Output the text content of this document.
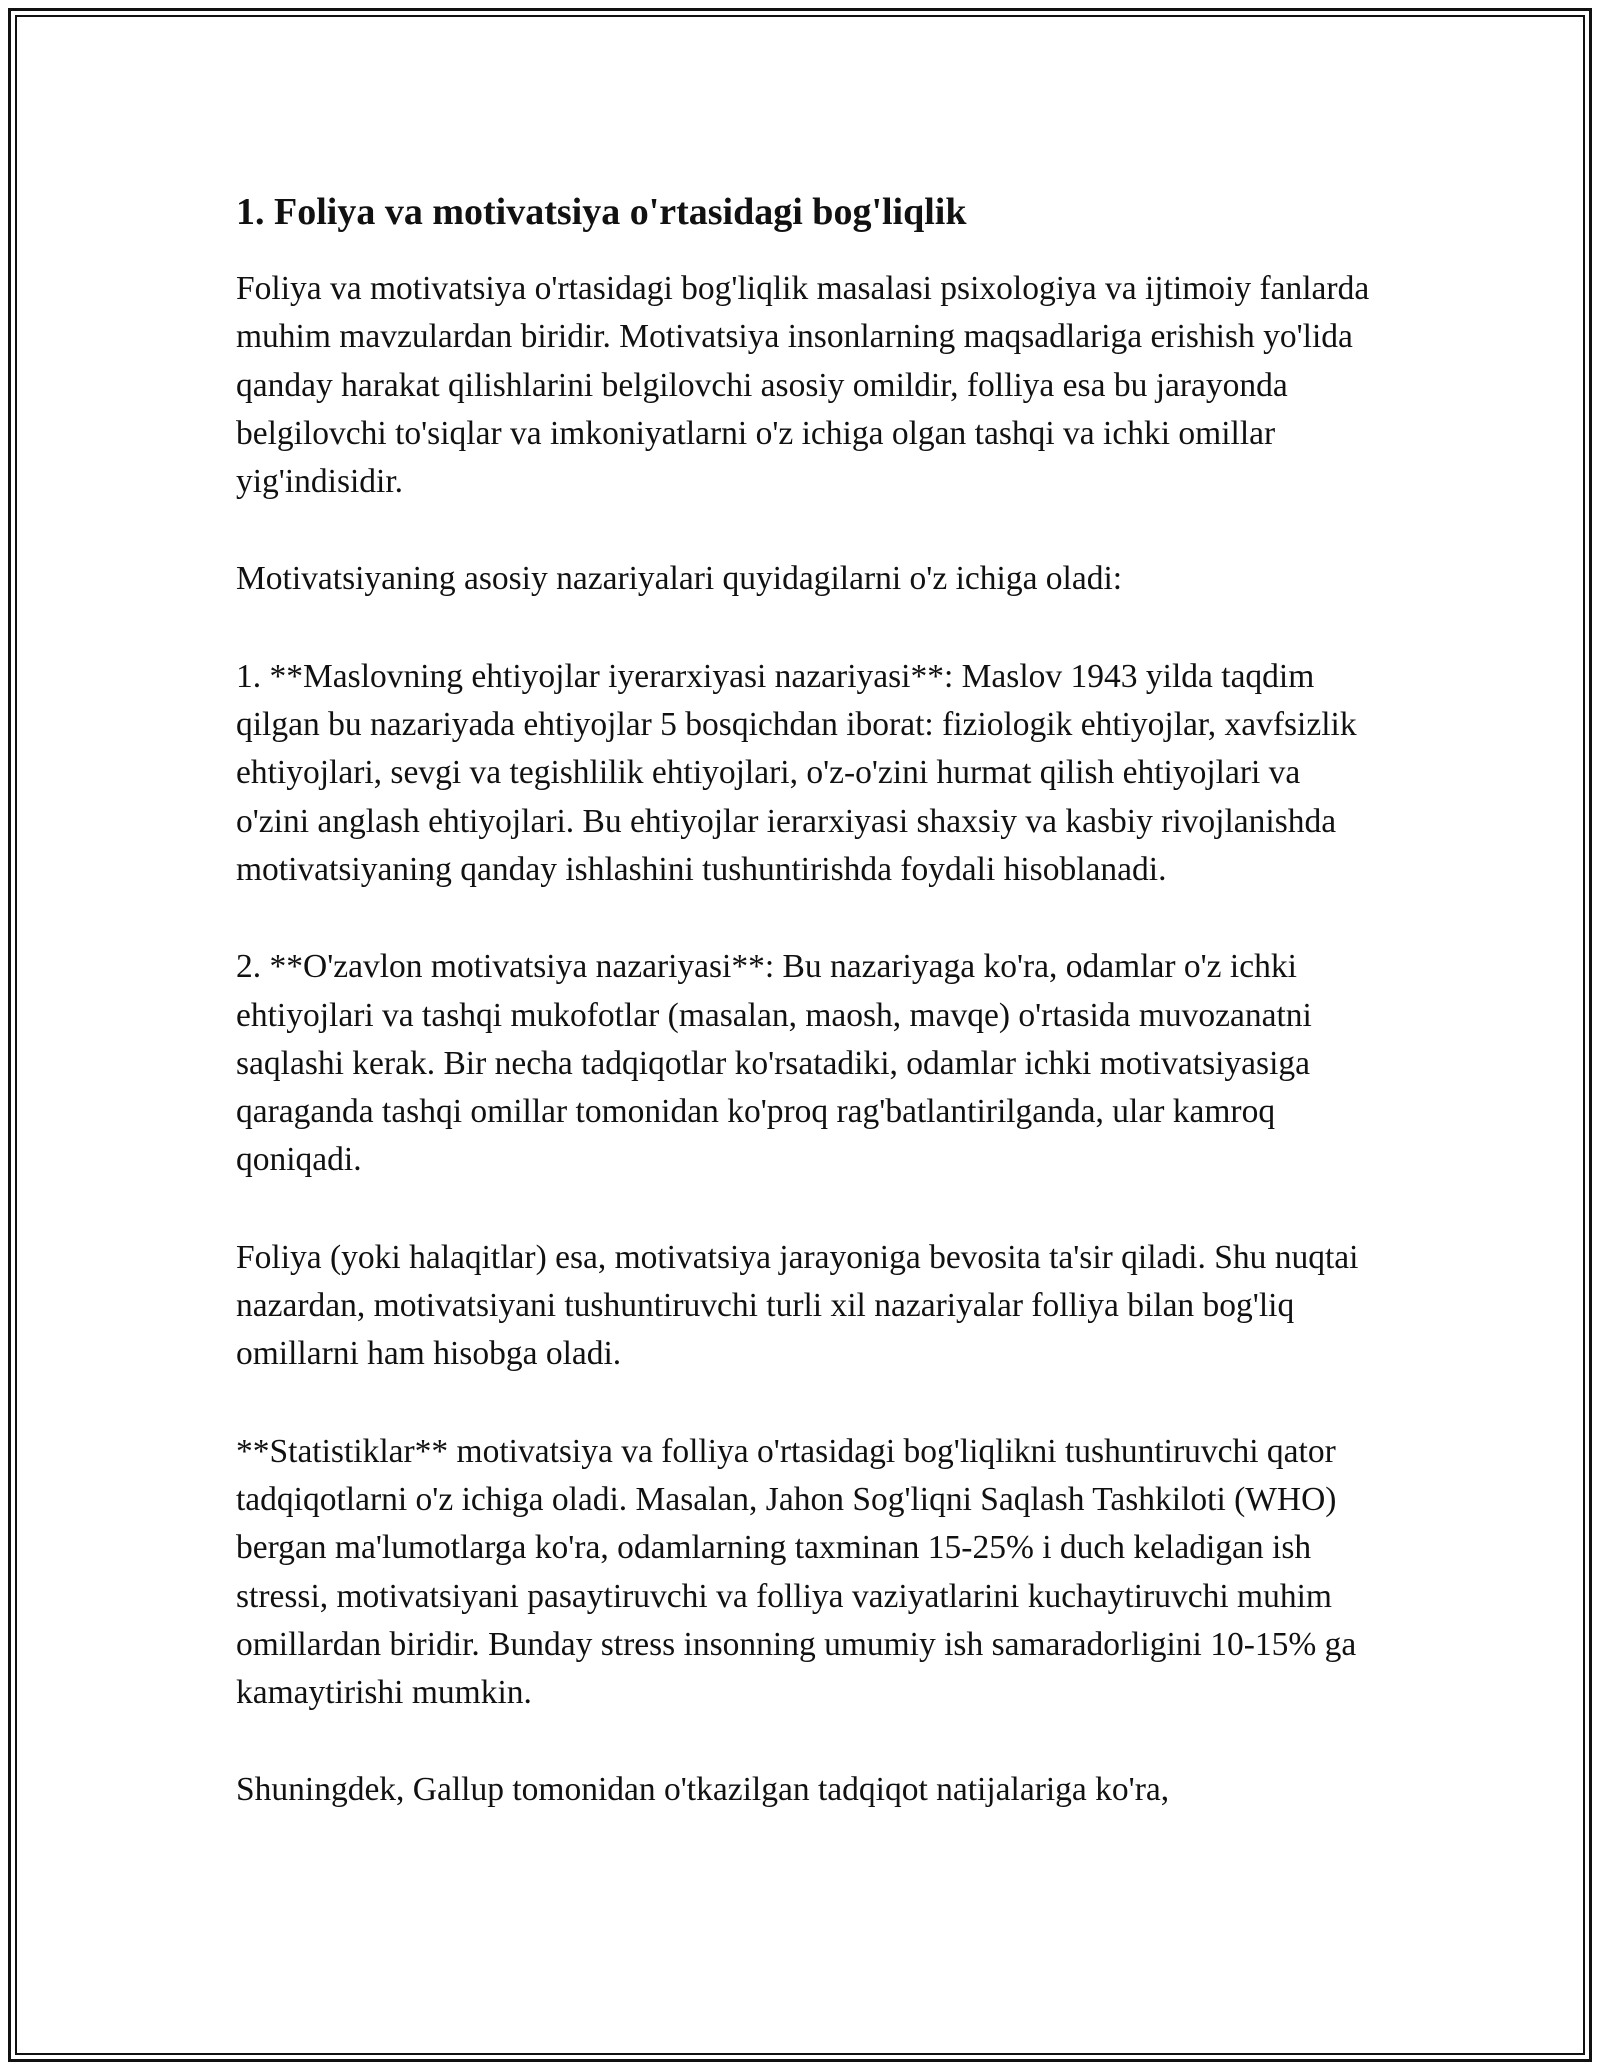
1. Foliya va motivatsiya o'rtasidagi bog'liqlik

Foliya va motivatsiya o'rtasidagi bog'liqlik masalasi psixologiya va ijtimoiy fanlarda muhim mavzulardan biridir. Motivatsiya insonlarning maqsadlariga erishish yo'lida qanday harakat qilishlarini belgilovchi asosiy omildir, folliya esa bu jarayonda belgilovchi to'siqlar va imkoniyatlarni o'z ichiga olgan tashqi va ichki omillar yig'indisidir.

Motivatsiyaning asosiy nazariyalari quyidagilarni o'z ichiga oladi:

1. **Maslovning ehtiyojlar iyerarxiyasi nazariyasi**: Maslov 1943 yilda taqdim qilgan bu nazariyada ehtiyojlar 5 bosqichdan iborat: fiziologik ehtiyojlar, xavfsizlik ehtiyojlari, sevgi va tegishlilik ehtiyojlari, o'z-o'zini hurmat qilish ehtiyojlari va o'zini anglash ehtiyojlari. Bu ehtiyojlar ierarxiyasi shaxsiy va kasbiy rivojlanishda motivatsiyaning qanday ishlashini tushuntirishda foydali hisoblanadi.

2. **O'zavlon motivatsiya nazariyasi**: Bu nazariyaga ko'ra, odamlar o'z ichki ehtiyojlari va tashqi mukofotlar (masalan, maosh, mavqe) o'rtasida muvozanatni saqlashi kerak. Bir necha tadqiqotlar ko'rsatadiki, odamlar ichki motivatsiyasiga qaraganda tashqi omillar tomonidan ko'proq rag'batlantirilganda, ular kamroq qoniqadi.

Foliya (yoki halaqitlar) esa, motivatsiya jarayoniga bevosita ta'sir qiladi. Shu nuqtai nazardan, motivatsiyani tushuntiruvchi turli xil nazariyalar folliya bilan bog'liq omillarni ham hisobga oladi.

**Statistiklar** motivatsiya va folliya o'rtasidagi bog'liqlikni tushuntiruvchi qator tadqiqotlarni o'z ichiga oladi. Masalan, Jahon Sog'liqni Saqlash Tashkiloti (WHO) bergan ma'lumotlarga ko'ra, odamlarning taxminan 15-25% i duch keladigan ish stressi, motivatsiyani pasaytiruvchi va folliya vaziyatlarini kuchaytiruvchi muhim omillardan biridir. Bunday stress insonning umumiy ish samaradorligini 10-15% ga kamaytirishi mumkin.

Shuningdek, Gallup tomonidan o'tkazilgan tadqiqot natijalariga ko'ra,
